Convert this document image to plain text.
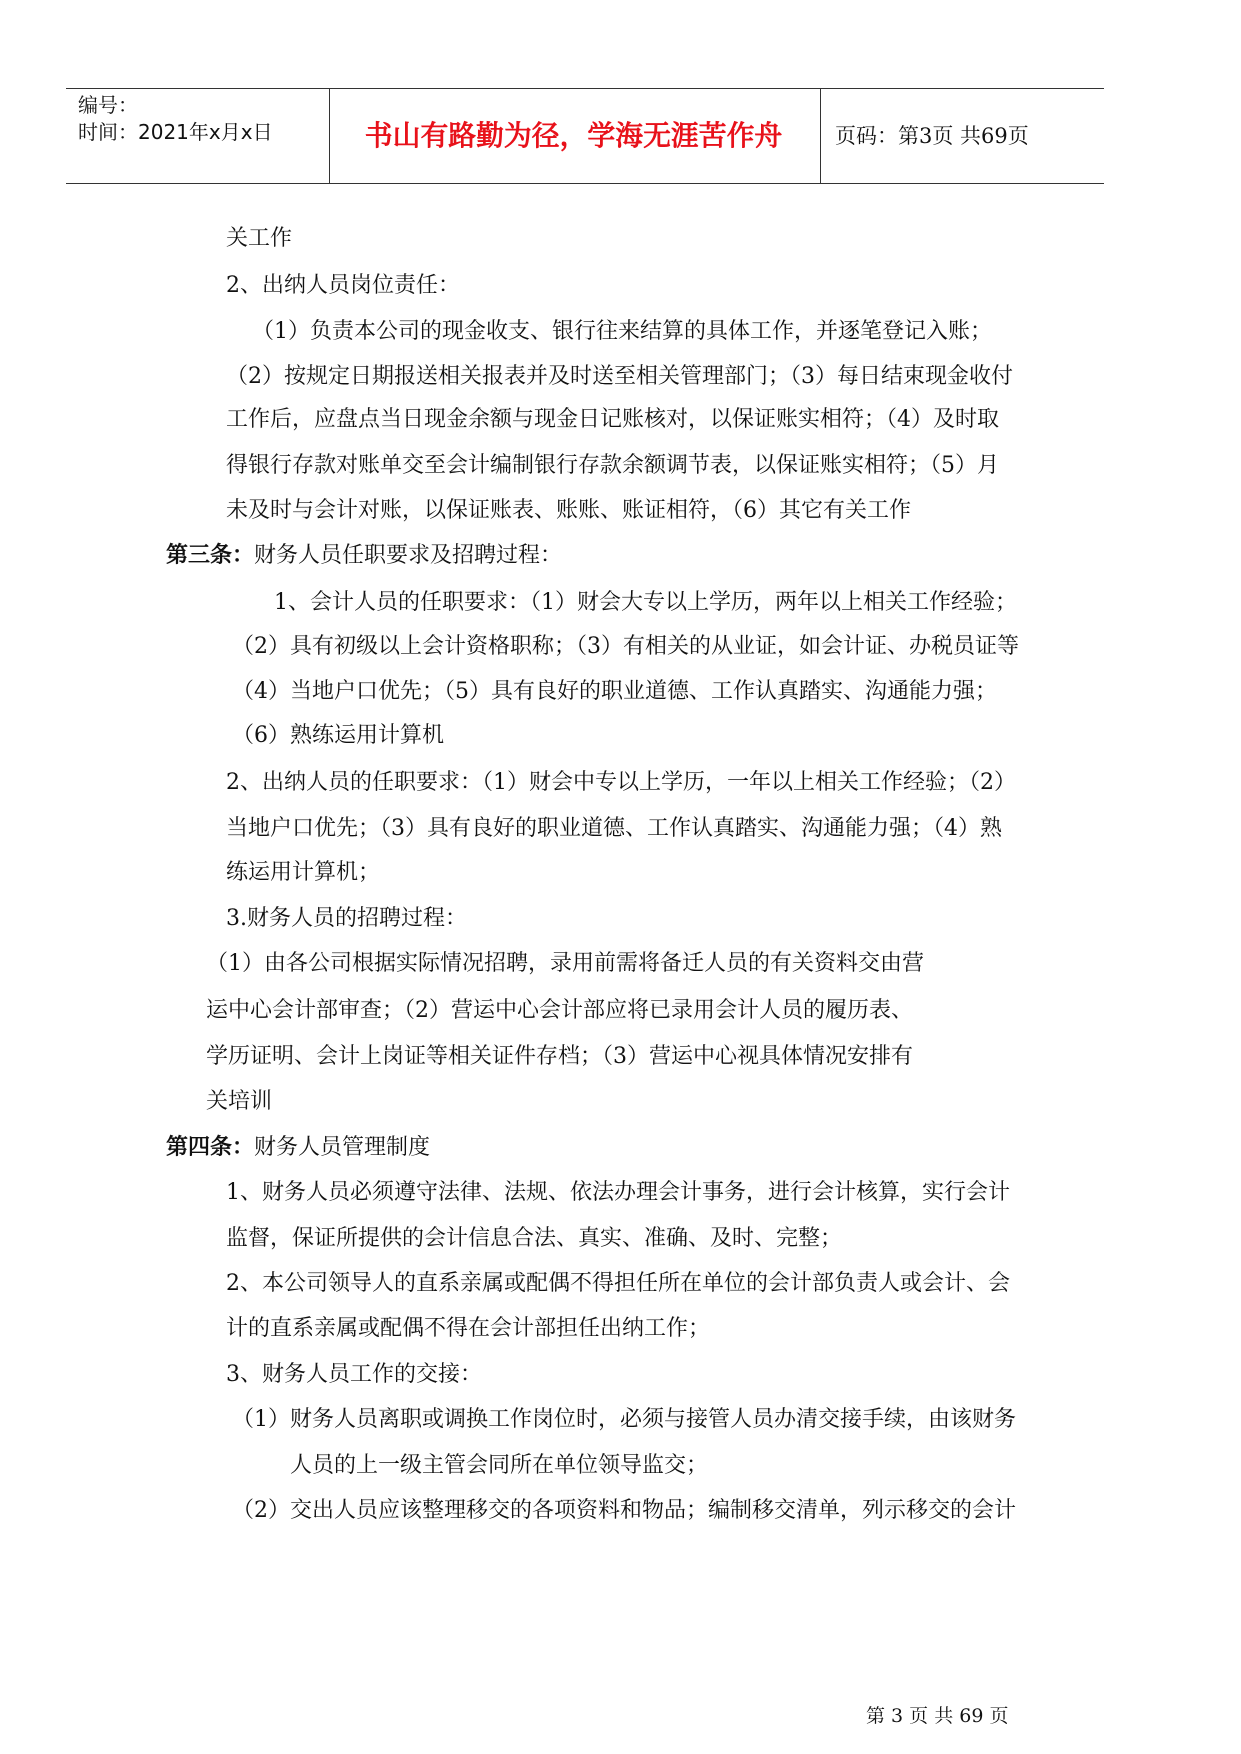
编号：
时间：2021年x月x日	书山有路勤为径，学海无涯苦作舟	页码：第3页 共69页
关工作
2、出纳人员岗位责任：
（1）负责本公司的现金收支、银行往来结算的具体工作，并逐笔登记入账；
（2）按规定日期报送相关报表并及时送至相关管理部门；（3）每日结束现金收付
工作后，应盘点当日现金余额与现金日记账核对，以保证账实相符；（4）及时取
得银行存款对账单交至会计编制银行存款余额调节表，以保证账实相符；（5）月
未及时与会计对账，以保证账表、账账、账证相符，（6）其它有关工作
第三条：财务人员任职要求及招聘过程：
1、会计人员的任职要求：（1）财会大专以上学历，两年以上相关工作经验；
（2）具有初级以上会计资格职称；（3）有相关的从业证，如会计证、办税员证等
（4）当地户口优先；（5）具有良好的职业道德、工作认真踏实、沟通能力强；
（6）熟练运用计算机
2、出纳人员的任职要求：（1）财会中专以上学历，一年以上相关工作经验；（2）
当地户口优先；（3）具有良好的职业道德、工作认真踏实、沟通能力强；（4）熟
练运用计算机；
3.财务人员的招聘过程：
（1）由各公司根据实际情况招聘，录用前需将备迁人员的有关资料交由营
运中心会计部审查；（2）营运中心会计部应将已录用会计人员的履历表、
学历证明、会计上岗证等相关证件存档；（3）营运中心视具体情况安排有
关培训
第四条：财务人员管理制度
1、财务人员必须遵守法律、法规、依法办理会计事务，进行会计核算，实行会计
监督，保证所提供的会计信息合法、真实、准确、及时、完整；
2、本公司领导人的直系亲属或配偶不得担任所在单位的会计部负责人或会计、会
计的直系亲属或配偶不得在会计部担任出纳工作；
3、财务人员工作的交接：
（1）财务人员离职或调换工作岗位时，必须与接管人员办清交接手续，由该财务
人员的上一级主管会同所在单位领导监交；
（2）交出人员应该整理移交的各项资料和物品；编制移交清单，列示移交的会计
第 3 页 共 69 页
